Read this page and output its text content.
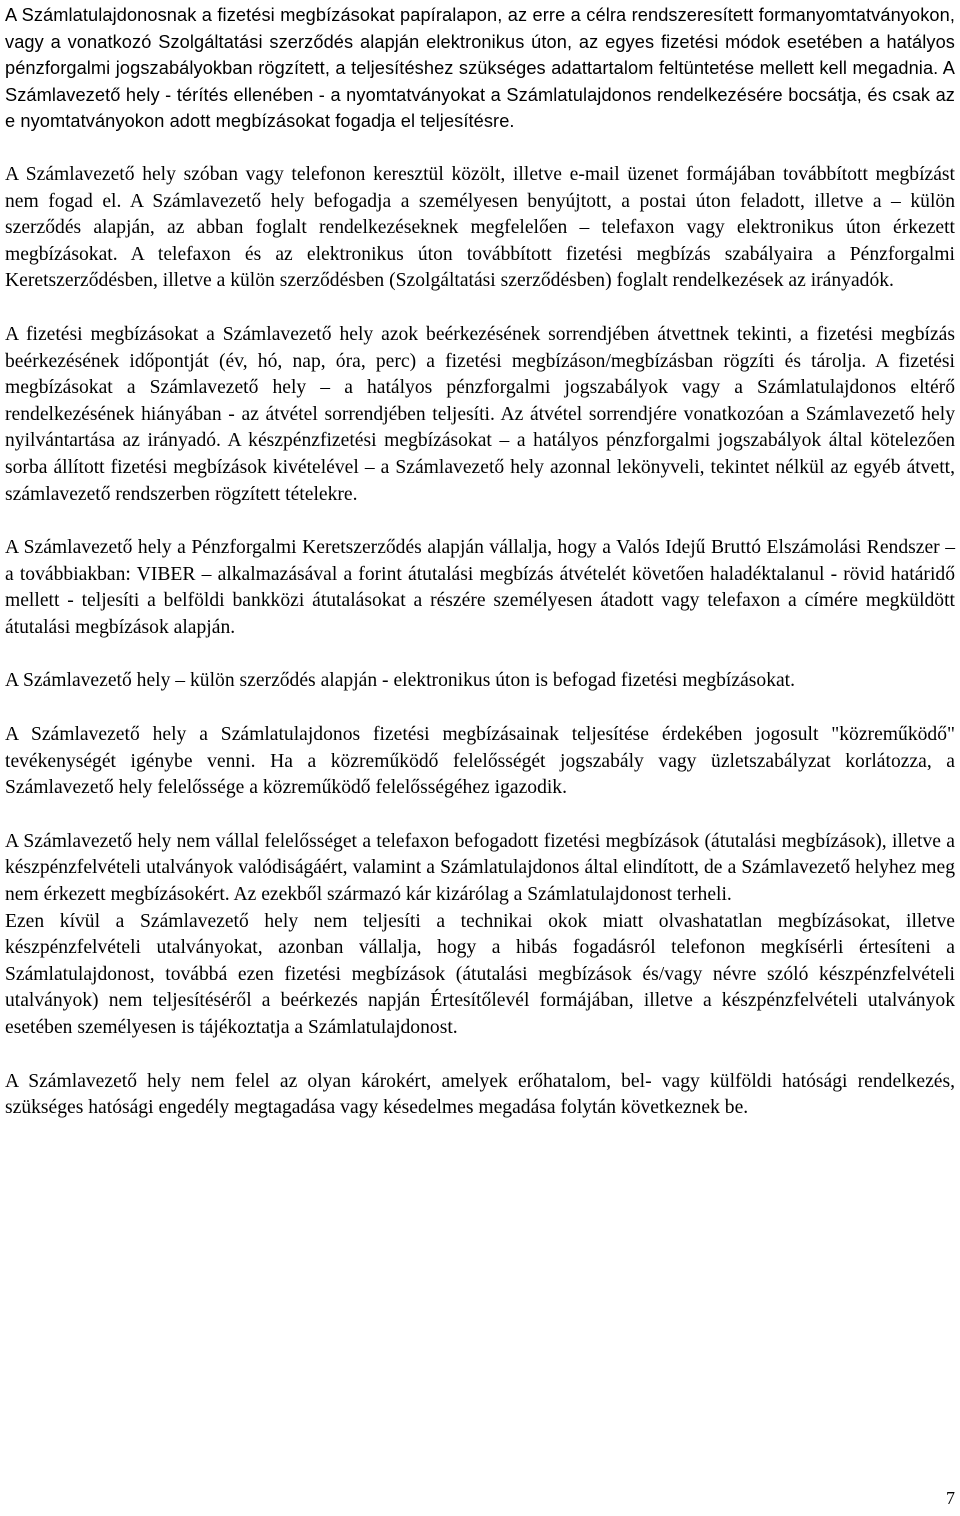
A Számlatulajdonosnak a fizetési megbízásokat papíralapon, az erre a célra rendszeresített formanyomtatványokon, vagy a vonatkozó Szolgáltatási szerződés alapján elektronikus úton, az egyes fizetési módok esetében a hatályos pénzforgalmi jogszabályokban rögzített, a teljesítéshez szükséges adattartalom feltüntetése mellett kell megadnia. A Számlavezető hely - térítés ellenében - a nyomtatványokat a Számlatulajdonos rendelkezésére bocsátja, és csak az e nyomtatványokon adott megbízásokat fogadja el teljesítésre.

A Számlavezető hely szóban vagy telefonon keresztül közölt, illetve e-mail üzenet formájában továbbított megbízást nem fogad el. A Számlavezető hely befogadja a személyesen benyújtott, a postai úton feladott, illetve a – külön szerződés alapján, az abban foglalt rendelkezéseknek megfelelően – telefaxon vagy elektronikus úton érkezett megbízásokat. A telefaxon és az elektronikus úton továbbított fizetési megbízás szabályaira a Pénzforgalmi Keretszerződésben, illetve a külön szerződésben (Szolgáltatási szerződésben) foglalt rendelkezések az irányadók.

A fizetési megbízásokat a Számlavezető hely azok beérkezésének sorrendjében átvettnek tekinti, a fizetési megbízás beérkezésének időpontját (év, hó, nap, óra, perc) a fizetési megbízáson/megbízásban rögzíti és tárolja. A fizetési megbízásokat a Számlavezető hely – a hatályos pénzforgalmi jogszabályok vagy a Számlatulajdonos eltérő rendelkezésének hiányában - az átvétel sorrendjében teljesíti. Az átvétel sorrendjére vonatkozóan a Számlavezető hely nyilvántartása az irányadó. A készpénzfizetési megbízásokat – a hatályos pénzforgalmi jogszabályok által kötelezően sorba állított fizetési megbízások kivételével – a Számlavezető hely azonnal lekönyveli, tekintet nélkül az egyéb átvett, számlavezető rendszerben rögzített tételekre.

A Számlavezető hely a Pénzforgalmi Keretszerződés alapján vállalja, hogy a Valós Idejű Bruttó Elszámolási Rendszer – a továbbiakban: VIBER – alkalmazásával a forint átutalási megbízás átvételét követően haladéktalanul - rövid határidő mellett - teljesíti a belföldi bankközi átutalásokat a részére személyesen átadott vagy telefaxon a címére megküldött átutalási megbízások alapján.

A Számlavezető hely – külön szerződés alapján - elektronikus úton is befogad fizetési megbízásokat.

A Számlavezető hely a Számlatulajdonos fizetési megbízásainak teljesítése érdekében jogosult "közreműködő" tevékenységét igénybe venni. Ha a közreműködő felelősségét jogszabály vagy üzletszabályzat korlátozza, a Számlavezető hely felelőssége a közreműködő felelősségéhez igazodik.

A Számlavezető hely nem vállal felelősséget a telefaxon befogadott fizetési megbízások (átutalási megbízások), illetve a készpénzfelvételi utalványok valódiságáért, valamint a Számlatulajdonos által elindított, de a Számlavezető helyhez meg nem érkezett megbízásokért. Az ezekből származó kár kizárólag a Számlatulajdonost terheli.

Ezen kívül a Számlavezető hely nem teljesíti a technikai okok miatt olvashatatlan megbízásokat, illetve készpénzfelvételi utalványokat, azonban vállalja, hogy a hibás fogadásról telefonon megkísérli értesíteni a Számlatulajdonost, továbbá ezen fizetési megbízások (átutalási megbízások és/vagy névre szóló készpénzfelvételi utalványok) nem teljesítéséről a beérkezés napján Értesítőlevél formájában, illetve a készpénzfelvételi utalványok esetében személyesen is tájékoztatja a Számlatulajdonost.

A Számlavezető hely nem felel az olyan károkért, amelyek erőhatalom, bel- vagy külföldi hatósági rendelkezés, szükséges hatósági engedély megtagadása vagy késedelmes megadása folytán következnek be.

7
